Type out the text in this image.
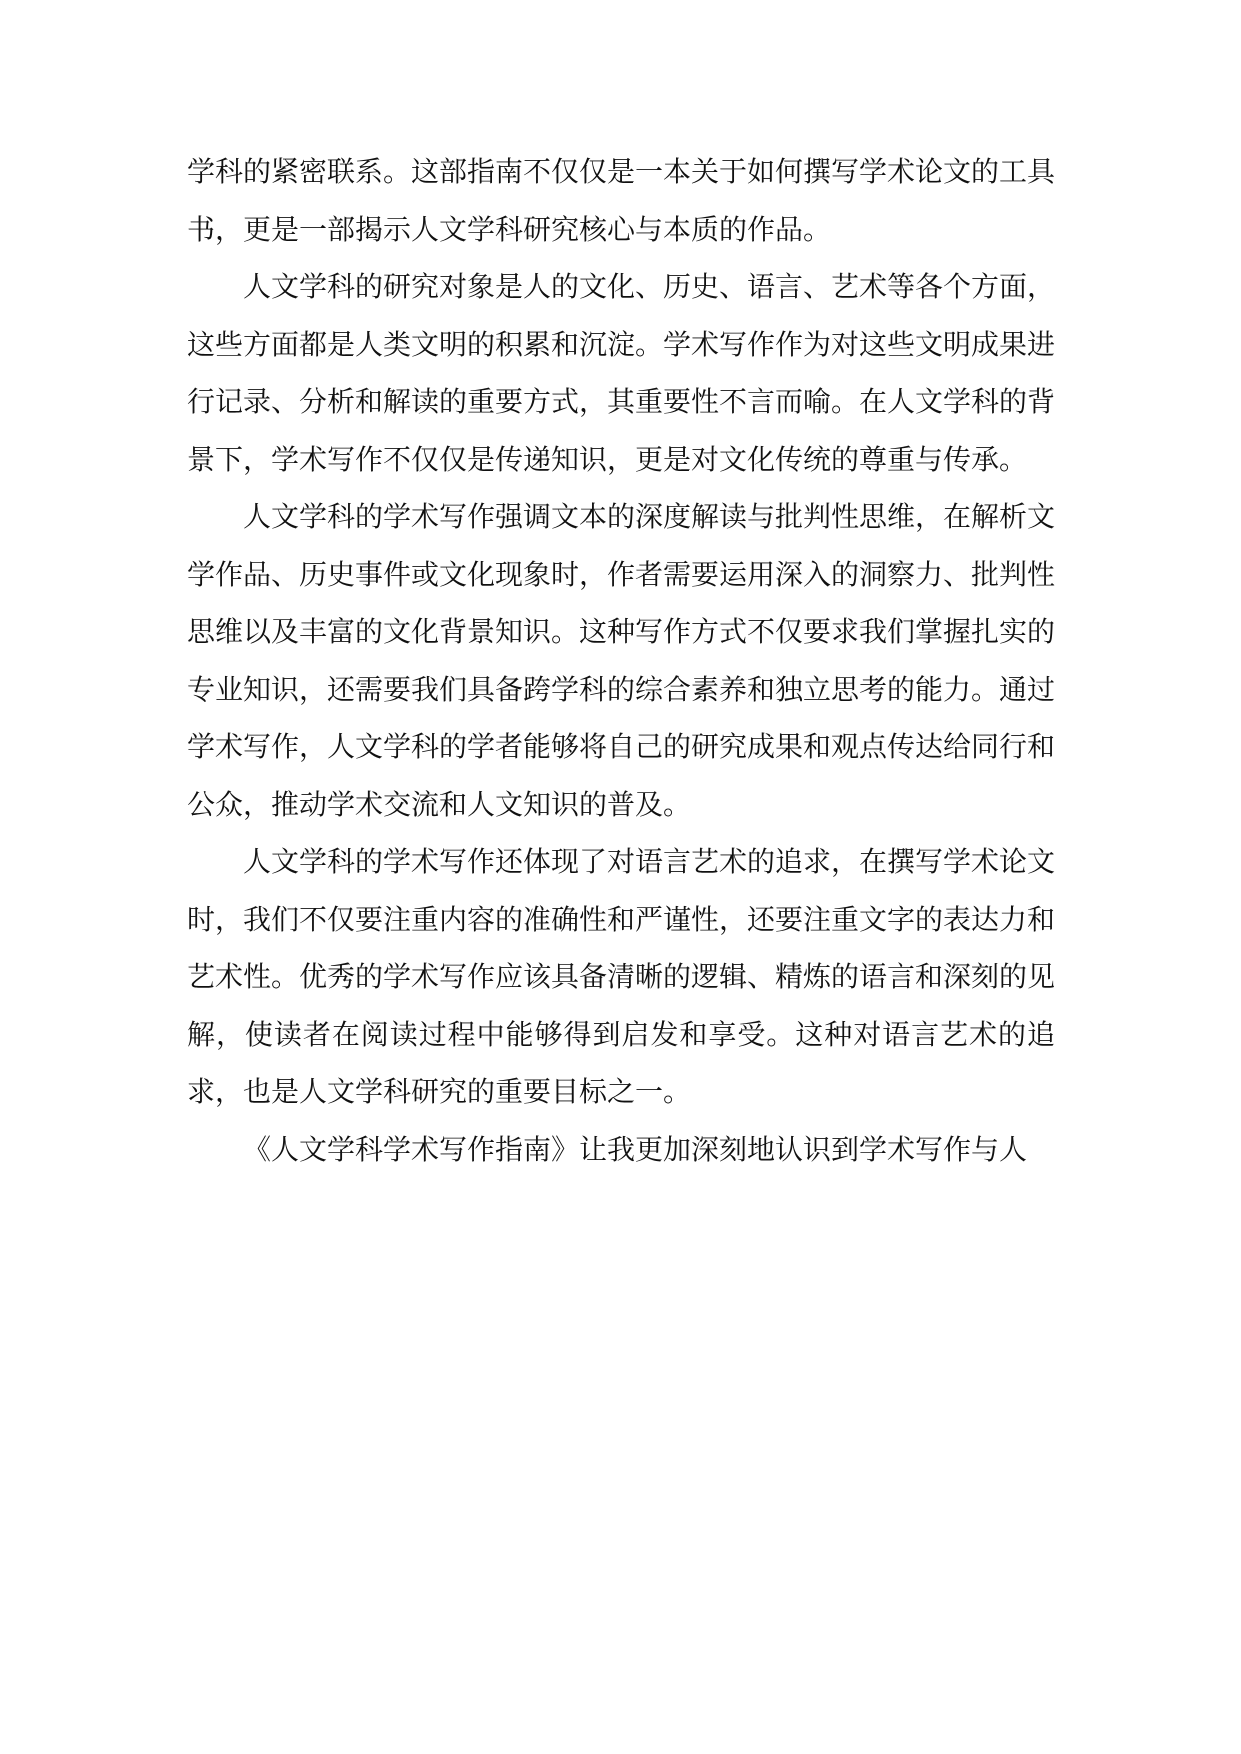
学科的紧密联系。这部指南不仅仅是一本关于如何撰写学术论文的工具书，更是一部揭示人文学科研究核心与本质的作品。

人文学科的研究对象是人的文化、历史、语言、艺术等各个方面，这些方面都是人类文明的积累和沉淀。学术写作作为对这些文明成果进行记录、分析和解读的重要方式，其重要性不言而喻。在人文学科的背景下，学术写作不仅仅是传递知识，更是对文化传统的尊重与传承。

人文学科的学术写作强调文本的深度解读与批判性思维，在解析文学作品、历史事件或文化现象时，作者需要运用深入的洞察力、批判性思维以及丰富的文化背景知识。这种写作方式不仅要求我们掌握扎实的专业知识，还需要我们具备跨学科的综合素养和独立思考的能力。通过学术写作，人文学科的学者能够将自己的研究成果和观点传达给同行和公众，推动学术交流和人文知识的普及。

人文学科的学术写作还体现了对语言艺术的追求，在撰写学术论文时，我们不仅要注重内容的准确性和严谨性，还要注重文字的表达力和艺术性。优秀的学术写作应该具备清晰的逻辑、精炼的语言和深刻的见解，使读者在阅读过程中能够得到启发和享受。这种对语言艺术的追求，也是人文学科研究的重要目标之一。

《人文学科学术写作指南》让我更加深刻地认识到学术写作与人
